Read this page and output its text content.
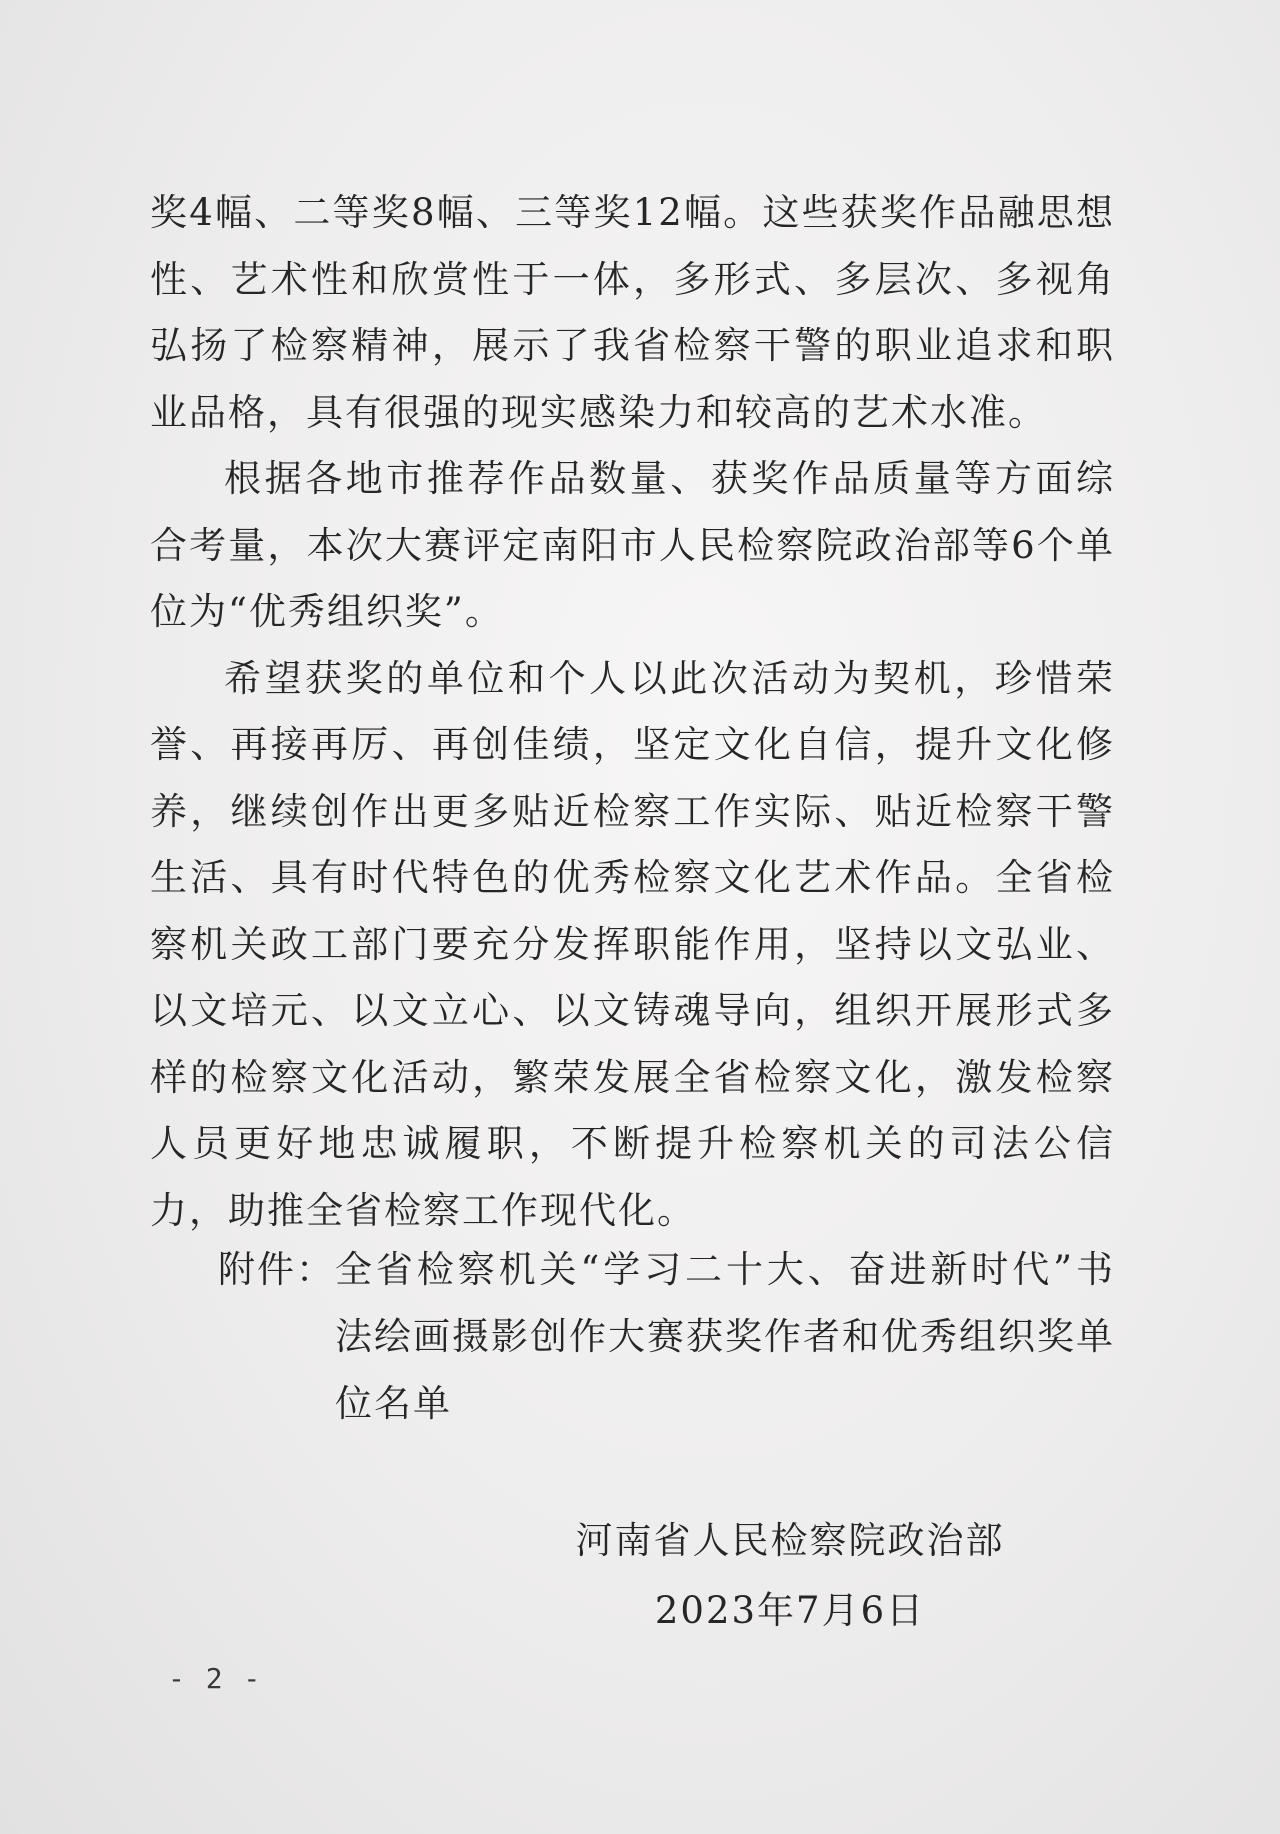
奖4幅、二等奖8幅、三等奖12幅。这些获奖作品融思想性、艺术性和欣赏性于一体，多形式、多层次、多视角弘扬了检察精神，展示了我省检察干警的职业追求和职业品格，具有很强的现实感染力和较高的艺术水准。

根据各地市推荐作品数量、获奖作品质量等方面综合考量，本次大赛评定南阳市人民检察院政治部等6个单位为“优秀组织奖”。

希望获奖的单位和个人以此次活动为契机，珍惜荣誉、再接再厉、再创佳绩，坚定文化自信，提升文化修养，继续创作出更多贴近检察工作实际、贴近检察干警生活、具有时代特色的优秀检察文化艺术作品。全省检察机关政工部门要充分发挥职能作用，坚持以文弘业、以文培元、以文立心、以文铸魂导向，组织开展形式多样的检察文化活动，繁荣发展全省检察文化，激发检察人员更好地忠诚履职，不断提升检察机关的司法公信力，助推全省检察工作现代化。

附件： 全省检察机关“学习二十大、奋进新时代”书法绘画摄影创作大赛获奖作者和优秀组织奖单位名单
河南省人民检察院政治部
2023年7月6日
- 2 -
